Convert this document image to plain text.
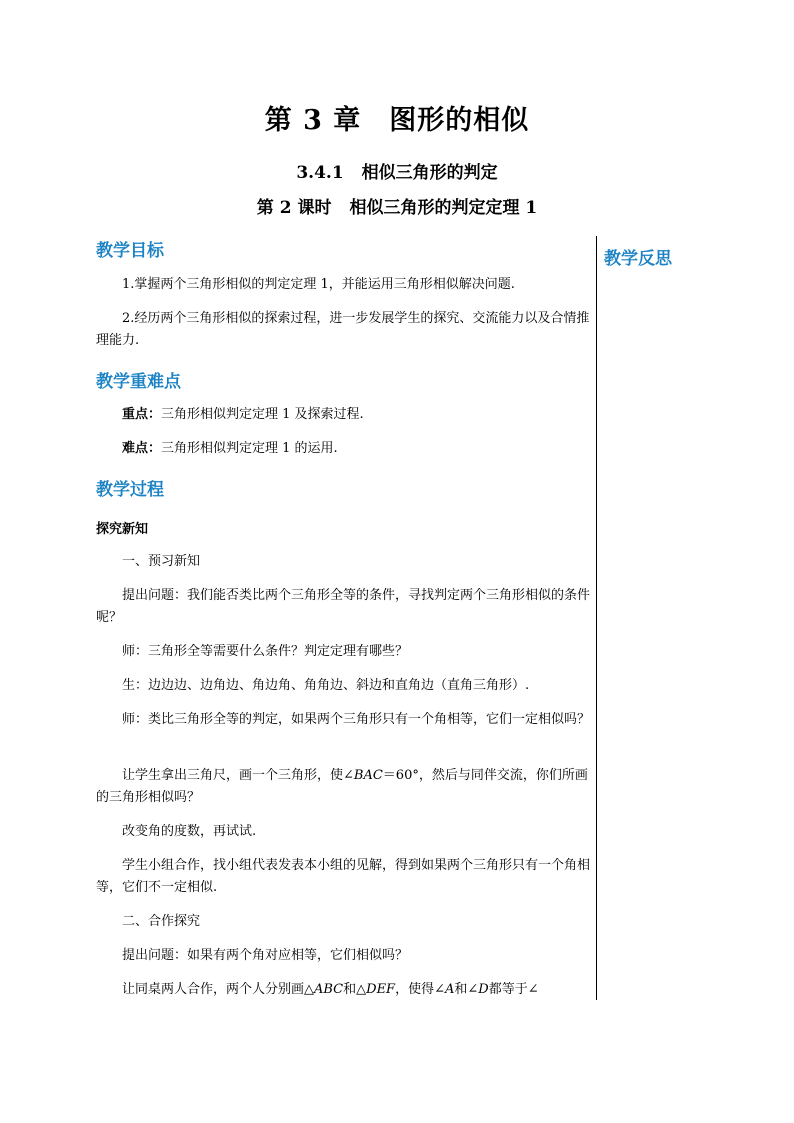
第 3 章 图形的相似
3.4.1 相似三角形的判定
第 2 课时 相似三角形的判定定理 1
教学反思
教学目标

1.掌握两个三角形相似的判定定理 1，并能运用三角形相似解决问题.

2.经历两个三角形相似的探索过程，进一步发展学生的探究、交流能力以及合情推理能力.

教学重难点

重点：三角形相似判定定理 1 及探索过程.

难点：三角形相似判定定理 1 的运用.

教学过程

探究新知

一、预习新知

提出问题：我们能否类比两个三角形全等的条件，寻找判定两个三角形相似的条件呢？

师：三角形全等需要什么条件？判定定理有哪些？

生：边边边、边角边、角边角、角角边、斜边和直角边（直角三角形）.

师：类比三角形全等的判定，如果两个三角形只有一个角相等，它们一定相似吗？

让学生拿出三角尺，画一个三角形，使∠BAC＝60°，然后与同伴交流，你们所画的三角形相似吗？

改变角的度数，再试试.

学生小组合作，找小组代表发表本小组的见解，得到如果两个三角形只有一个角相等，它们不一定相似.

二、合作探究

提出问题：如果有两个角对应相等，它们相似吗？

让同桌两人合作，两个人分别画△ABC和△DEF，使得∠A和∠D都等于∠
